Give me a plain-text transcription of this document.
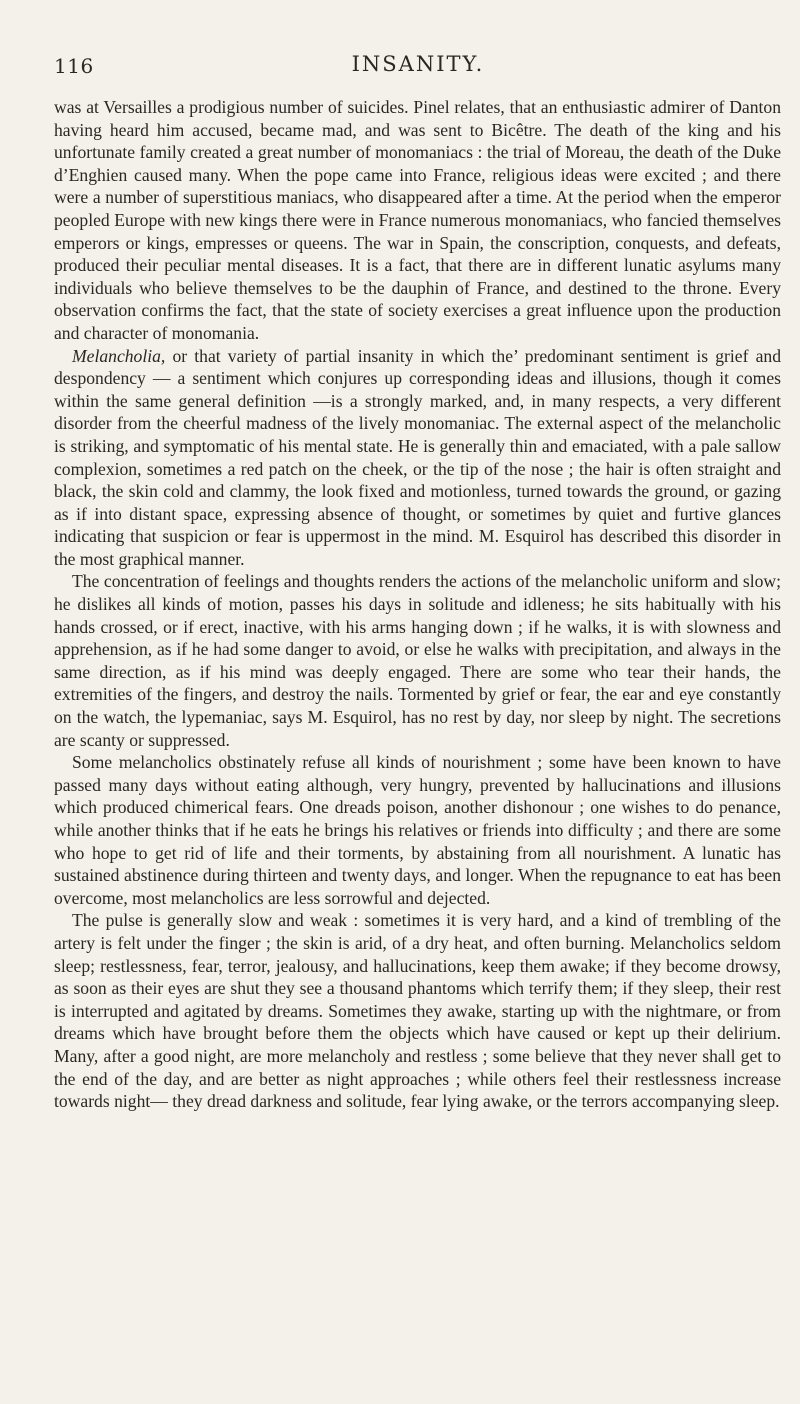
116	INSANITY.

was at Versailles a prodigious number of suicides. Pinel relates, that an enthusiastic admirer of Danton having heard him accused, became mad, and was sent to Bicêtre. The death of the king and his unfortunate family created a great number of monomaniacs : the trial of Moreau, the death of the Duke d’Enghien caused many. When the pope came into France, religious ideas were excited ; and there were a number of superstitious maniacs, who disappeared after a time. At the period when the emperor peopled Europe with new kings there were in France numerous monomaniacs, who fancied themselves emperors or kings, empresses or queens. The war in Spain, the conscription, conquests, and defeats, produced their peculiar mental diseases. It is a fact, that there are in different lunatic asylums many individuals who believe themselves to be the dauphin of France, and destined to the throne. Every observation confirms the fact, that the state of society exercises a great influence upon the production and character of monomania.

Melancholia, or that variety of partial insanity in which the’ predominant sentiment is grief and despondency — a sentiment which conjures up corresponding ideas and illusions, though it comes within the same general definition —is a strongly marked, and, in many respects, a very different disorder from the cheerful madness of the lively monomaniac. The external aspect of the melancholic is striking, and symptomatic of his mental state. He is generally thin and emaciated, with a pale sallow complexion, sometimes a red patch on the cheek, or the tip of the nose ; the hair is often straight and black, the skin cold and clammy, the look fixed and motionless, turned towards the ground, or gazing as if into distant space, expressing absence of thought, or sometimes by quiet and furtive glances indicating that suspicion or fear is uppermost in the mind. M. Esquirol has described this disorder in the most graphical manner.

The concentration of feelings and thoughts renders the actions of the melancholic uniform and slow; he dislikes all kinds of motion, passes his days in solitude and idleness; he sits habitually with his hands crossed, or if erect, inactive, with his arms hanging down ; if he walks, it is with slowness and apprehension, as if he had some danger to avoid, or else he walks with precipitation, and always in the same direction, as if his mind was deeply engaged. There are some who tear their hands, the extremities of the fingers, and destroy the nails. Tormented by grief or fear, the ear and eye constantly on the watch, the lypemaniac, says M. Esquirol, has no rest by day, nor sleep by night. The secretions are scanty or suppressed.

Some melancholics obstinately refuse all kinds of nourishment ; some have been known to have passed many days without eating although, very hungry, prevented by hallucinations and illusions which produced chimerical fears. One dreads poison, another dishonour ; one wishes to do penance, while another thinks that if he eats he brings his relatives or friends into difficulty ; and there are some who hope to get rid of life and their torments, by abstaining from all nourishment. A lunatic has sustained abstinence during thirteen and twenty days, and longer. When the repugnance to eat has been overcome, most melancholics are less sorrowful and dejected.

The pulse is generally slow and weak : sometimes it is very hard, and a kind of trembling of the artery is felt under the finger ; the skin is arid, of a dry heat, and often burning. Melancholics seldom sleep; restlessness, fear, terror, jealousy, and hallucinations, keep them awake; if they become drowsy, as soon as their eyes are shut they see a thousand phantoms which terrify them; if they sleep, their rest is interrupted and agitated by dreams. Sometimes they awake, starting up with the nightmare, or from dreams which have brought before them the objects which have caused or kept up their delirium. Many, after a good night, are more melancholy and restless ; some believe that they never shall get to the end of the day, and are better as night approaches ; while others feel their restlessness increase towards night— they dread darkness and solitude, fear lying awake, or the terrors accompanying sleep.
